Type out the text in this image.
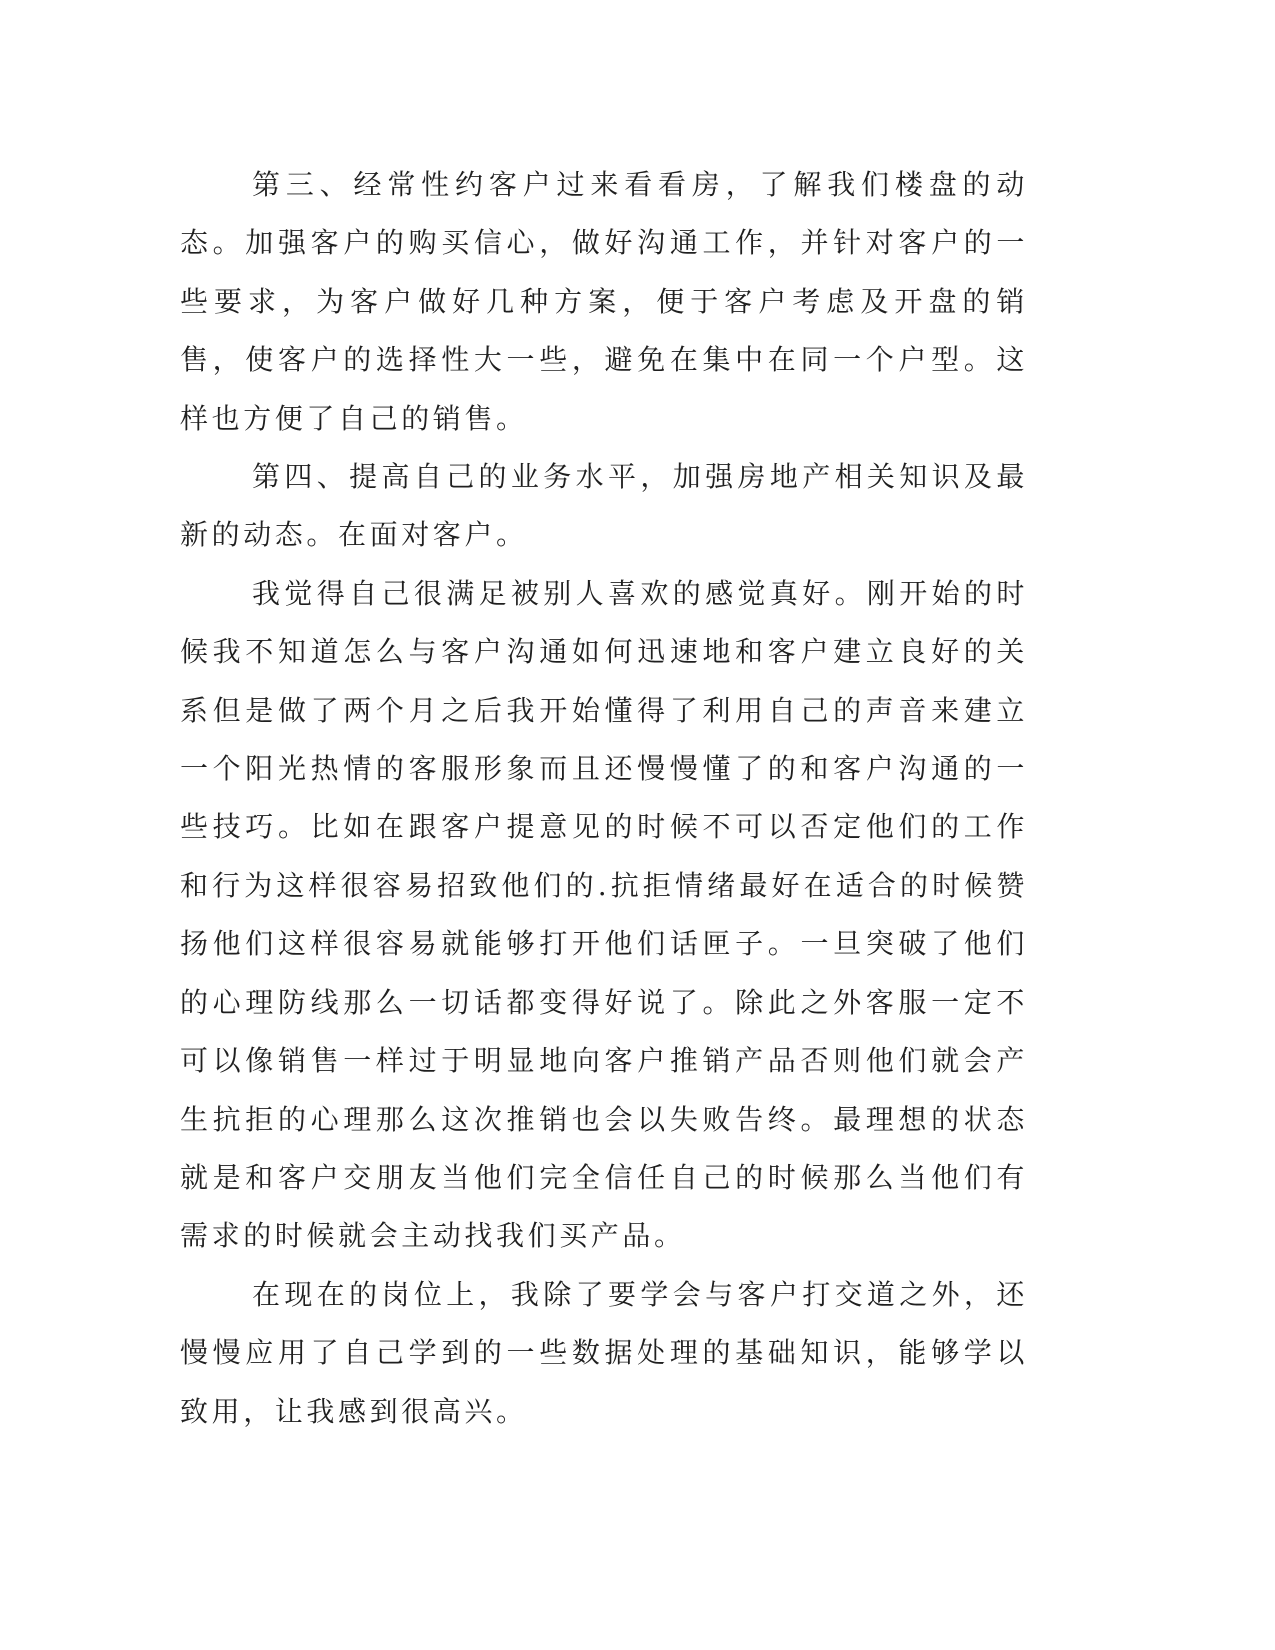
第三、经常性约客户过来看看房，了解我们楼盘的动态。加强客户的购买信心，做好沟通工作，并针对客户的一些要求，为客户做好几种方案，便于客户考虑及开盘的销售，使客户的选择性大一些，避免在集中在同一个户型。这样也方便了自己的销售。

第四、提高自己的业务水平，加强房地产相关知识及最新的动态。在面对客户。

我觉得自己很满足被别人喜欢的感觉真好。刚开始的时候我不知道怎么与客户沟通如何迅速地和客户建立良好的关系但是做了两个月之后我开始懂得了利用自己的声音来建立一个阳光热情的客服形象而且还慢慢懂了的和客户沟通的一些技巧。比如在跟客户提意见的时候不可以否定他们的工作和行为这样很容易招致他们的.抗拒情绪最好在适合的时候赞扬他们这样很容易就能够打开他们话匣子。一旦突破了他们的心理防线那么一切话都变得好说了。除此之外客服一定不可以像销售一样过于明显地向客户推销产品否则他们就会产生抗拒的心理那么这次推销也会以失败告终。最理想的状态就是和客户交朋友当他们完全信任自己的时候那么当他们有需求的时候就会主动找我们买产品。

在现在的岗位上，我除了要学会与客户打交道之外，还慢慢应用了自己学到的一些数据处理的基础知识，能够学以致用，让我感到很高兴。
